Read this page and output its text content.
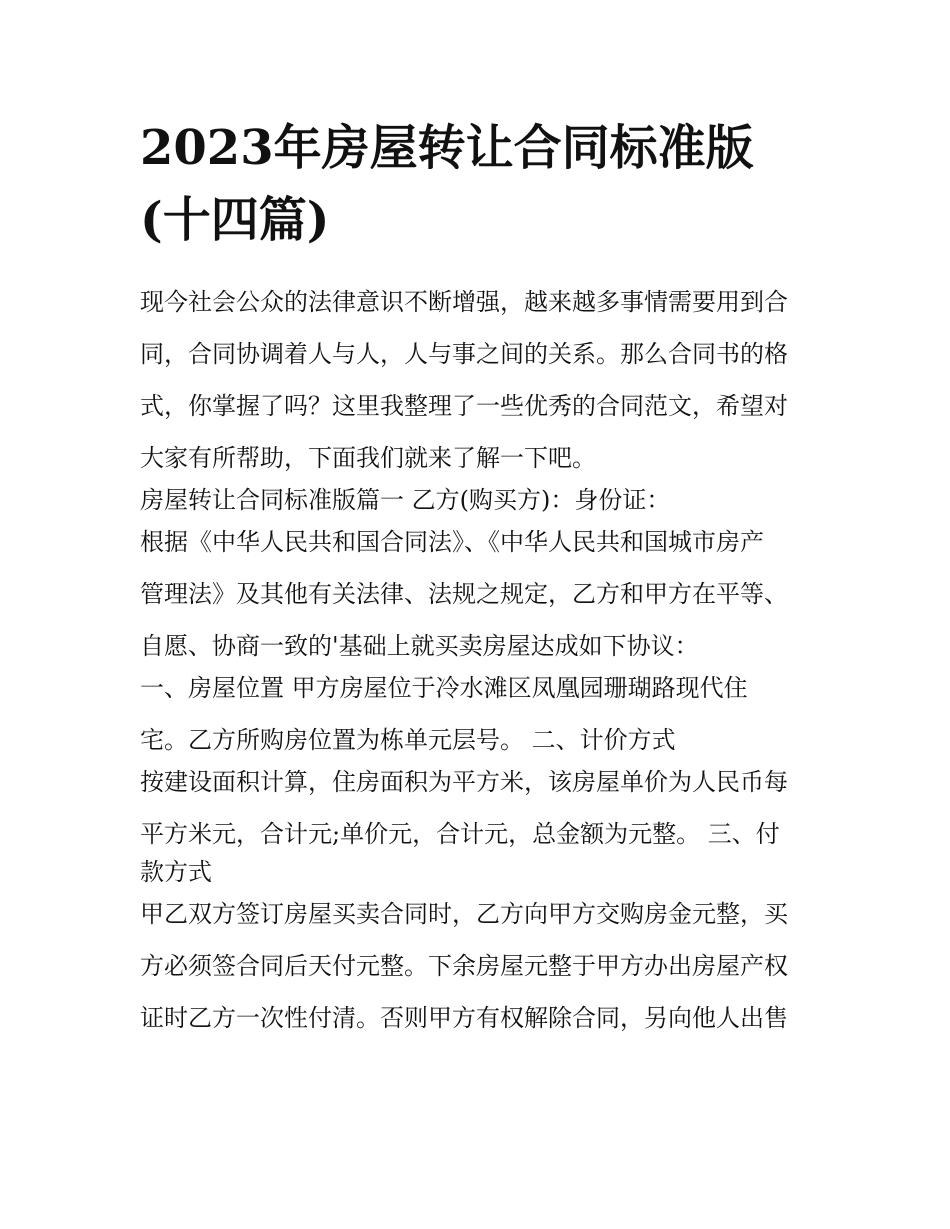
2023年房屋转让合同标准版
(十四篇)
现今社会公众的法律意识不断增强，越来越多事情需要用到合
同，合同协调着人与人，人与事之间的关系。那么合同书的格
式，你掌握了吗？这里我整理了一些优秀的合同范文，希望对
大家有所帮助，下面我们就来了解一下吧。
房屋转让合同标准版篇一 乙方(购买方)：身份证：
根据《中华人民共和国合同法》、《中华人民共和国城市房产
管理法》及其他有关法律、法规之规定，乙方和甲方在平等、
自愿、协商一致的'基础上就买卖房屋达成如下协议：
一、房屋位置 甲方房屋位于冷水滩区凤凰园珊瑚路现代住
宅。乙方所购房位置为栋单元层号。 二、计价方式
按建设面积计算，住房面积为平方米，该房屋单价为人民币每
平方米元，合计元;单价元，合计元，总金额为元整。 三、付
款方式
甲乙双方签订房屋买卖合同时，乙方向甲方交购房金元整，买
方必须签合同后天付元整。下余房屋元整于甲方办出房屋产权
证时乙方一次性付清。否则甲方有权解除合同，另向他人出售
